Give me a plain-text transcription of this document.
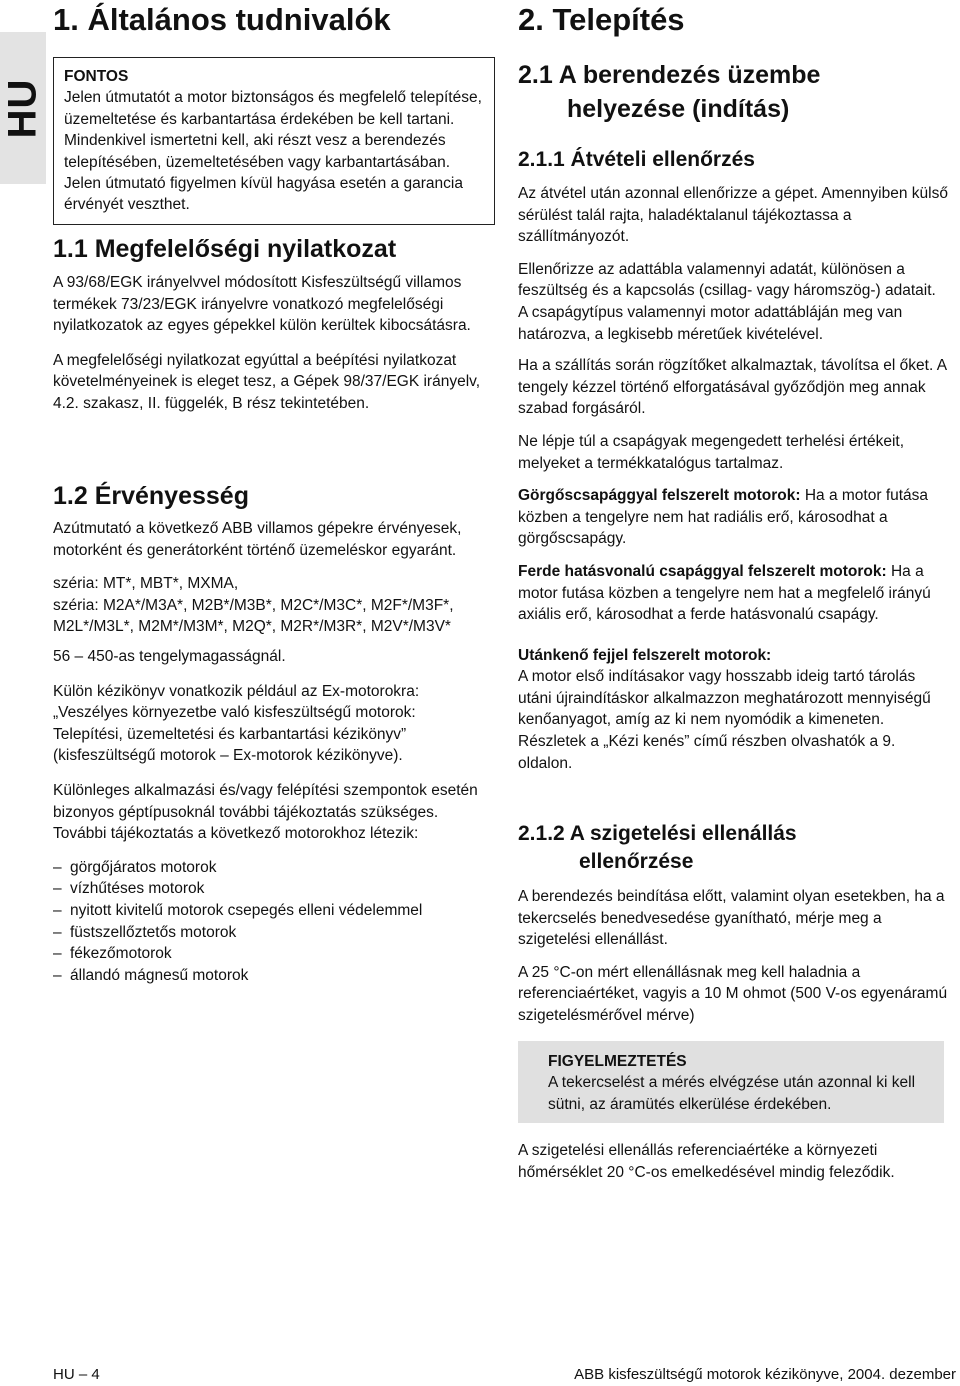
HU
1. Általános tudnivalók
FONTOS
Jelen útmutatót a motor biztonságos és megfelelő telepítése, üzemeltetése és karbantartása érdekében be kell tartani. Mindenkivel ismertetni kell, aki részt vesz a berendezés telepítésében, üzemeltetésében vagy karbantartásában. Jelen útmutató figyelmen kívül hagyása esetén a garancia érvényét veszthet.
1.1 Megfelelőségi nyilatkozat

A 93/68/EGK irányelvvel módosított Kisfeszültségű villamos termékek 73/23/EGK irányelvre vonatkozó megfelelőségi nyilatkozatok az egyes gépekkel külön kerültek kibocsátásra.

A megfelelőségi nyilatkozat egyúttal a beépítési nyilatkozat követelményeinek is eleget tesz, a Gépek 98/37/EGK irányelv, 4.2. szakasz, II. függelék, B rész tekintetében.

1.2 Érvényesség

Azútmutató a következő ABB villamos gépekre érvényesek, motorként és generátorként történő üzemeléskor egyaránt.

széria: MT*, MBT*, MXMA,

széria: M2A*/M3A*, M2B*/M3B*, M2C*/M3C*, M2F*/M3F*, M2L*/M3L*, M2M*/M3M*, M2Q*, M2R*/M3R*, M2V*/M3V*

56 – 450-as tengelymagasságnál.

Külön kézikönyv vonatkozik például az Ex-motorokra: „Veszélyes környezetbe való kisfeszültségű motorok: Telepítési, üzemeltetési és karbantartási kézikönyv” (kisfeszültségű motorok – Ex-motorok kézikönyve).

Különleges alkalmazási és/vagy felépítési szempontok esetén bizonyos géptípusoknál további tájékoztatás szükséges. További tájékoztatás a következő motorokhoz létezik:

– görgőjáratos motorok
– vízhűtéses motorok
– nyitott kivitelű motorok csepegés elleni védelemmel
– füstszellőztetős motorok
– fékezőmotorok
– állandó mágnesű motorok
2. Telepítés
2.1 A berendezés üzembe
helyezése (indítás)
2.1.1 Átvételi ellenőrzés

Az átvétel után azonnal ellenőrizze a gépet. Amennyiben külső sérülést talál rajta, haladéktalanul tájékoztassa a szállítmányozót.

Ellenőrizze az adattábla valamennyi adatát, különösen a feszültség és a kapcsolás (csillag- vagy háromszög-) adatait. A csapágytípus valamennyi motor adattábláján meg van határozva, a legkisebb méretűek kivételével.

Ha a szállítás során rögzítőket alkalmaztak, távolítsa el őket. A tengely kézzel történő elforgatásával győződjön meg annak szabad forgásáról.

Ne lépje túl a csapágyak megengedett terhelési értékeit, melyeket a termékkatalógus tartalmaz.

Görgőscsapággyal felszerelt motorok: Ha a motor futása közben a tengelyre nem hat radiális erő, károsodhat a görgőscsapágy.

Ferde hatásvonalú csapággyal felszerelt motorok: Ha a motor futása közben a tengelyre nem hat a megfelelő irányú axiális erő, károsodhat a ferde hatásvonalú csapágy.

Utánkenő fejjel felszerelt motorok:
A motor első indításakor vagy hosszabb ideig tartó tárolás utáni újraindításkor alkalmazzon meghatározott mennyiségű kenőanyagot, amíg az ki nem nyomódik a kimeneten.

Részletek a „Kézi kenés” című részben olvashatók a 9. oldalon.

2.1.2 A szigetelési ellenállás
ellenőrzése

A berendezés beindítása előtt, valamint olyan esetekben, ha a tekercselés benedvesedése gyanítható, mérje meg a szigetelési ellenállást.

A 25 °C-on mért ellenállásnak meg kell haladnia a referenciaértéket, vagyis a 10 M ohmot (500 V-os egyenáramú szigetelésmérővel mérve)

FIGYELMEZTETÉS
A tekercselést a mérés elvégzése után azonnal ki kell sütni, az áramütés elkerülése érdekében.

A szigetelési ellenállás referenciaértéke a környezeti hőmérséklet 20 °C-os emelkedésével mindig feleződik.

HU – 4	ABB kisfeszültségű motorok kézikönyve, 2004. dezember
